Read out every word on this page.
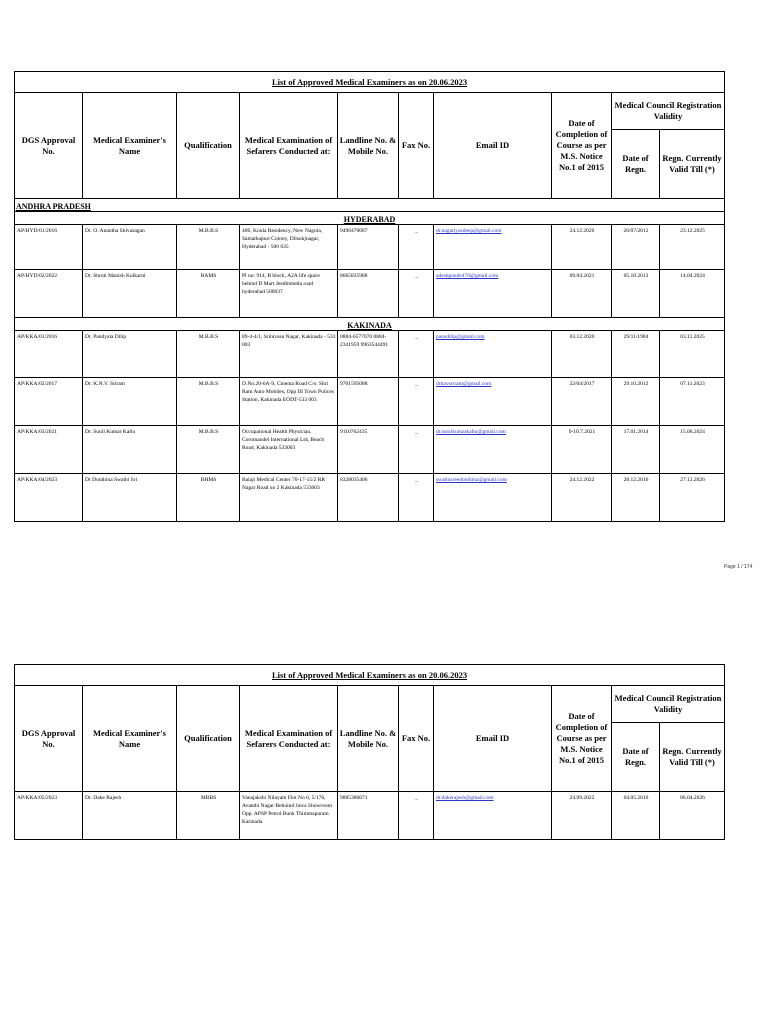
List of Approved Medical Examiners as on 20.06.2023									
DGS Approval No.	Medical Examiner's Name	Qualification	Medical Examination of Sefarers Conducted at:	Landline No. & Mobile No.	Fax No.	Email ID	Date of Completion of Course as per M.S. Notice No.1 of 2015	Medical Council Registration Validity	
								Date of Regn.	Regn. Currently Valid Till (*)
ANDHRA PRADESH									
HYDERABAD									
AP/HYD/01/2016	Dr. O. Anantha Shivasagan	M.B.B.S	406, Koula Residency, New Nagola, Samathapuri Colony, Dilsukjnagar, Hyderabad - 500 035	9490470087	_	dr.nagariyasdeep@gmail.com	24.12.2020	26/07/2012	23.12.2025
AP/HYD/02/2022	Dr. Shruti Manish Kulkarni	BAMS	Pl no: 914, B block, A2A life space behind D Mart Jeedhimetla road hyderabad 500037	8665835988	_	adeshpande470@gmail.com	09.04.2021	05.10.2013	14.04.2024
KAKINADA									
AP/KKA/01/2016	Dr. Pandyala Dilip	M.B.B.S	89-4-4/1, Srinivasa Nagar, Kakinada - 533 003	0884-6577070 0884-2341959 9963544491	_	pansdilip@gmail.com	03.12.2020	29/11/1984	03.11.2025
AP/KKA/02/2017	Dr. K.N.V. Sriram	M.B.B.S	D.No.20-6A-9, Cinema Road C/o. Shri Ram Auto Mobiles, Opp III Town Polices Station, Kakinada EODT-533 003	9701595088	_	drknvsriram@gmail.com	22/04/2017	29.10.2012	07.11.2023
AP/KKA/03/2021	Dr. Sunil Kumar Kallu	M.B.B.S	Occupational Health Physician. Coromandel International Ltd, Beach Road, Kakinada 533003	9110762435	_	dr.sunilkumarkallu@gmail.com	9-10.7.2021	17.01.2014	15.06.2024
AP/KKA/04/2023	Dr Donthina Swathi Sri	BHMS	Balaji Medical Center 70-17-15/2 RR Nagar Road no 2 Kakinada 533003	8328035406	_	swathisreedonthina@gmail.com	24.12.2022	28.12.2016	27.12.2026
Page 1 / 174
List of Approved Medical Examiners as on 20.06.2023									
DGS Approval No.	Medical Examiner's Name	Qualification	Medical Examination of Sefarers Conducted at:	Landline No. & Mobile No.	Fax No.	Email ID	Date of Completion of Course as per M.S. Notice No.1 of 2015	Medical Council Registration Validity	
								Date of Regn.	Regn. Currently Valid Till (*)
AP/KKA/05/2023	Dr. Dake Rajesh	MBBS	Vanajakshi Nilayam Flot No 6, 5/176, Avanthi Nagar Behuind Jawa Showroom Opp. APSP Petrol Bunk Thimmapuram Karinada	9885386671	_	dr.dakerajesh@gmail.com	24.09.2022	04.05.2010	06.04.2026
